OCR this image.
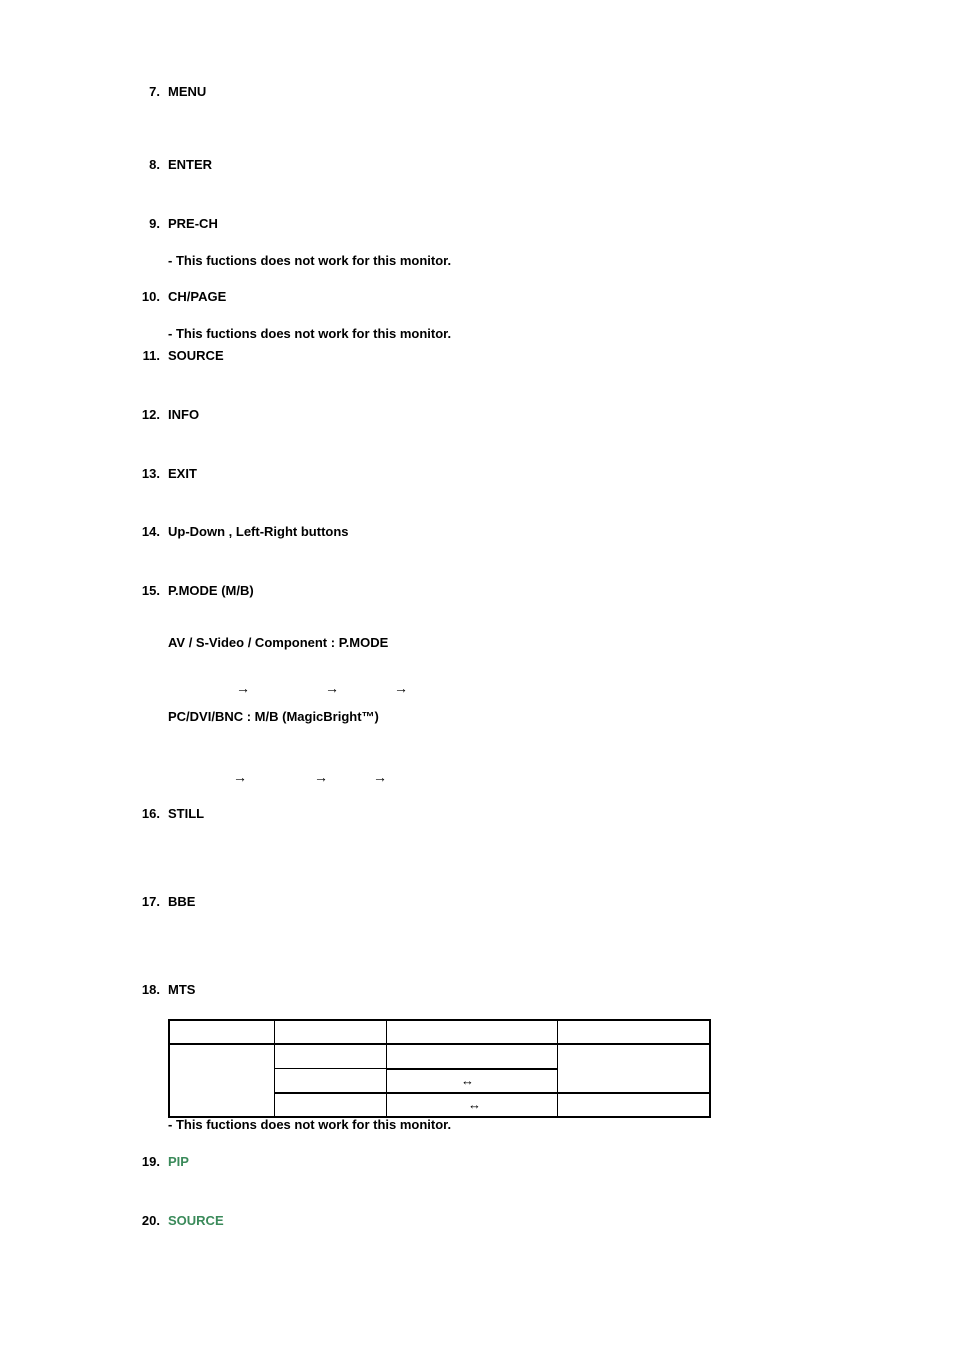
7. MENU
8. ENTER
9. PRE-CH
- This fuctions does not work for this monitor.
10. CH/PAGE
- This fuctions does not work for this monitor.
11. SOURCE
12. INFO
13. EXIT
14. Up-Down , Left-Right buttons
15. P.MODE (M/B)
AV / S-Video / Component : P.MODE
→	→	→
PC/DVI/BNC : M/B (MagicBright™)
→	→	→
16. STILL
17. BBE
18. MTS

		↔	
		↔	
- This fuctions does not work for this monitor.
19. PIP
20. SOURCE
